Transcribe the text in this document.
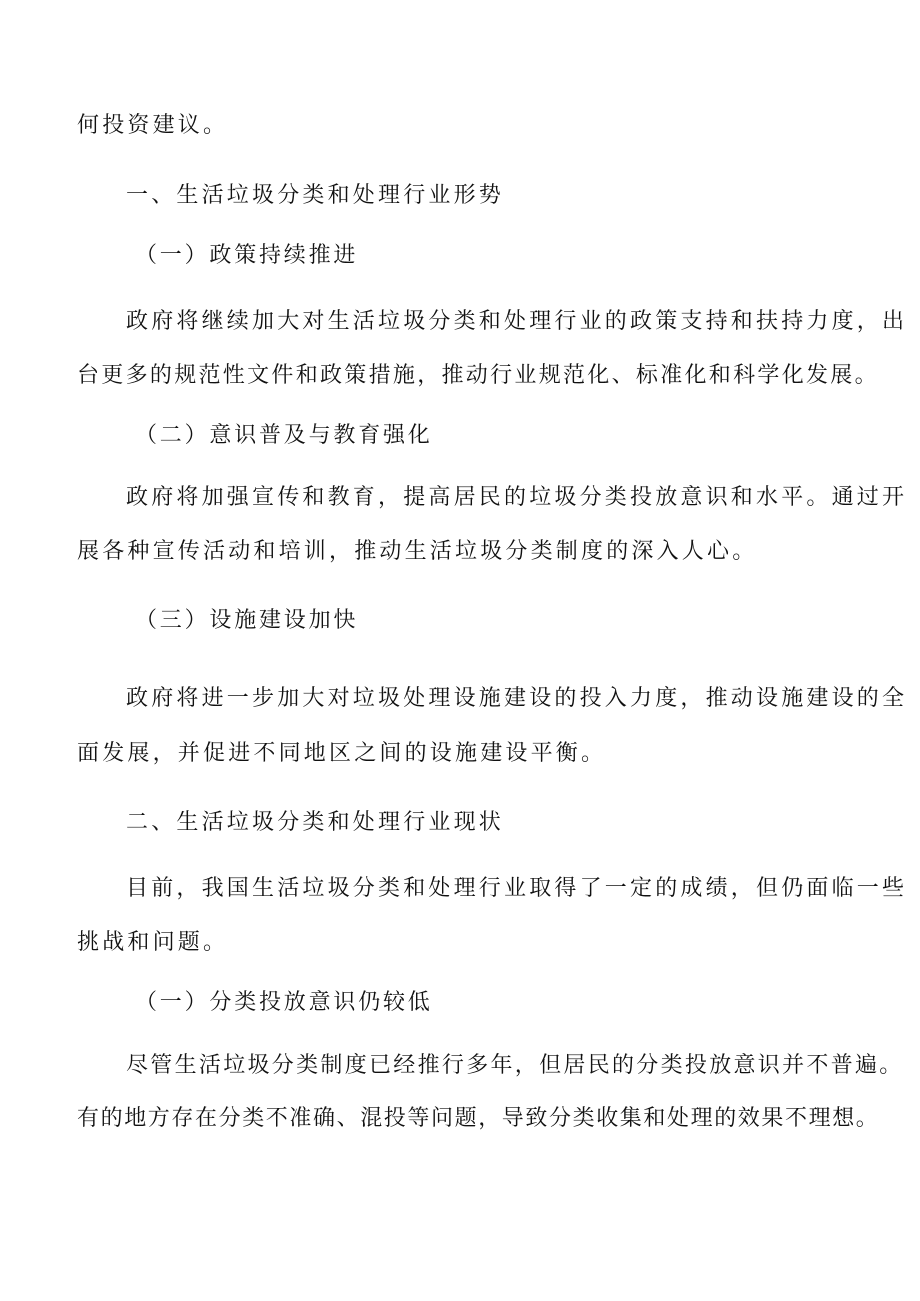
何投资建议。
一、生活垃圾分类和处理行业形势
（一）政策持续推进
政府将继续加大对生活垃圾分类和处理行业的政策支持和扶持力度，出
台更多的规范性文件和政策措施，推动行业规范化、标准化和科学化发展。
（二）意识普及与教育强化
政府将加强宣传和教育，提高居民的垃圾分类投放意识和水平。通过开
展各种宣传活动和培训，推动生活垃圾分类制度的深入人心。
（三）设施建设加快
政府将进一步加大对垃圾处理设施建设的投入力度，推动设施建设的全
面发展，并促进不同地区之间的设施建设平衡。
二、生活垃圾分类和处理行业现状
目前，我国生活垃圾分类和处理行业取得了一定的成绩，但仍面临一些
挑战和问题。
（一）分类投放意识仍较低
尽管生活垃圾分类制度已经推行多年，但居民的分类投放意识并不普遍。
有的地方存在分类不准确、混投等问题，导致分类收集和处理的效果不理想。
